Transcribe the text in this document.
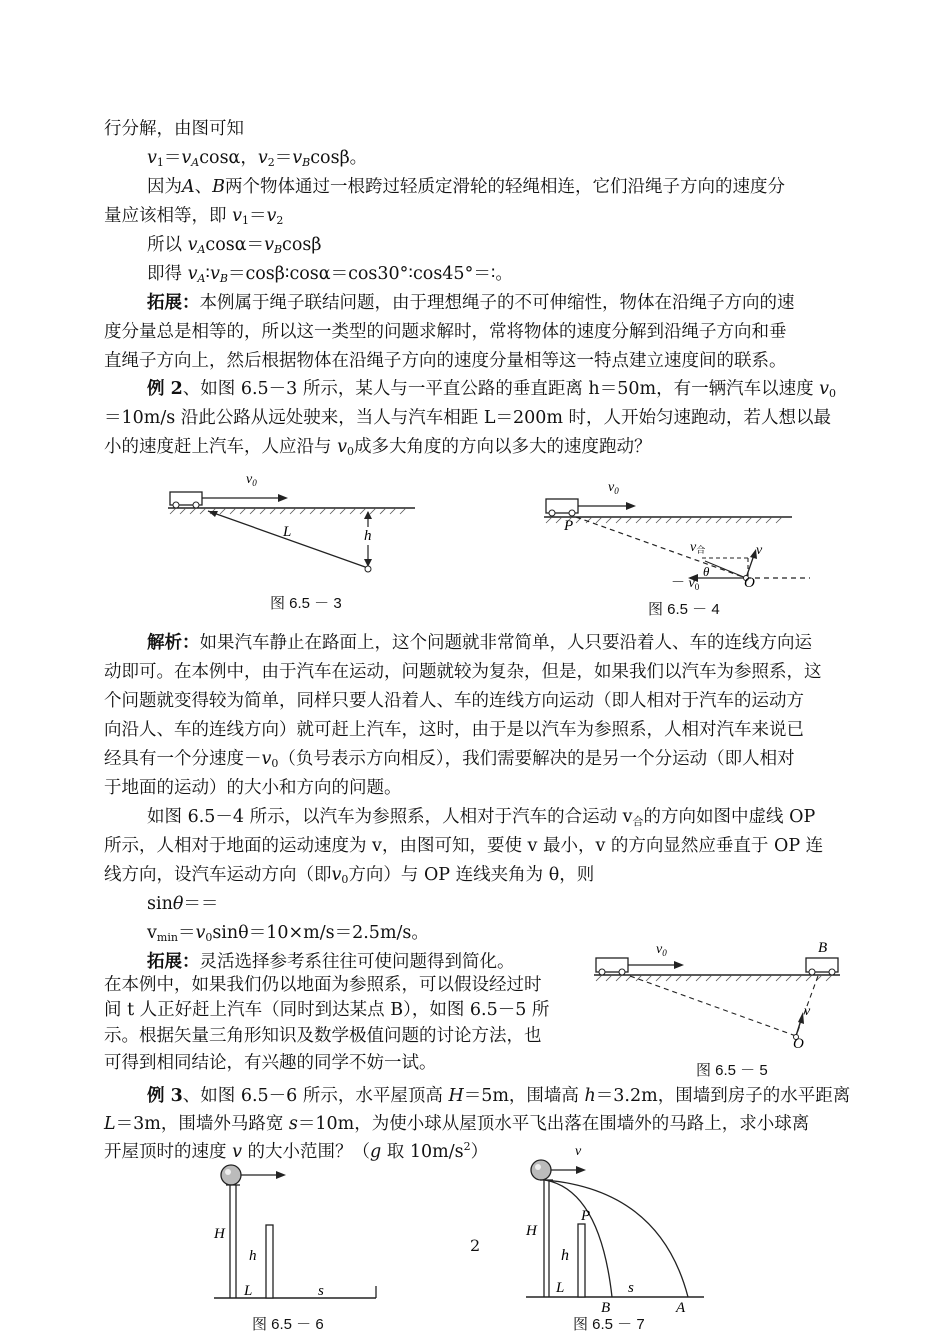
行分解，由图可知
$v_1=v_A\cos\alpha$，$v_2=v_B\cos\beta$。
因为A、B两个物体通过一根跨过轻质定滑轮的轻绳相连，它们沿绳子方向的速度分
量应该相等，即 $v_1=v_2$
所以 $v_A\cos\alpha=v_B\cos\beta$
即得 $v_A∶v_B=\cos\beta∶\cos\alpha=\cos 30^\circ∶\cos 45^\circ=∶$。
拓展：本例属于绳子联结问题，由于理想绳子的不可伸缩性，物体在沿绳子方向的速
度分量总是相等的，所以这一类型的问题求解时，常将物体的速度分解到沿绳子方向和垂
直绳子方向上，然后根据物体在沿绳子方向的速度分量相等这一特点建立速度间的联系。
例 2、如图 6.5－3 所示，某人与一平直公路的垂直距离 h＝50m，有一辆汽车以速度 $v_0$
＝10m/s 沿此公路从远处驶来，当人与汽车相距 L＝200m 时，人开始匀速跑动，若人想以最
小的速度赶上汽车，人应沿与 $v_0$成多大角度的方向以多大的速度跑动？
$v_0$
L	h
图 6.5 － 3
$v_0$
P
v合	v
θ
O
－ $v_0$
图 6.5 － 4
解析：如果汽车静止在路面上，这个问题就非常简单，人只要沿着人、车的连线方向运
动即可。在本例中，由于汽车在运动，问题就较为复杂，但是，如果我们以汽车为参照系，这
个问题就变得较为简单，同样只要人沿着人、车的连线方向运动（即人相对于汽车的运动方
向沿人、车的连线方向）就可赶上汽车，这时，由于是以汽车为参照系，人相对汽车来说已
经具有一个分速度$-v_0$（负号表示方向相反），我们需要解决的是另一个分运动（即人相对
于地面的运动）的大小和方向的问题。
如图 6.5－4 所示，以汽车为参照系，人相对于汽车的合运动 $v_合$的方向如图中虚线 OP
所示，人相对于地面的运动速度为 v，由图可知，要使 v 最小，v 的方向显然应垂直于 OP 连
线方向，设汽车运动方向（即$v_0$方向）与 OP 连线夹角为 θ，则
sinθ＝＝
$v_{min}=v_0\sin\theta=10\times m/s=2.5m/s$。
拓展：灵活选择参考系往往可使问题得到简化。
在本例中，如果我们仍以地面为参照系，可以假设经过时
间 t 人正好赶上汽车（同时到达某点 B），如图 6.5－5 所
示。根据矢量三角形知识及数学极值问题的讨论方法，也
可得到相同结论，有兴趣的同学不妨一试。
$v_0$	B
v
O
图 6.5 － 5
例 3、如图 6.5－6 所示，水平屋顶高 H＝5m，围墙高 h＝3.2m，围墙到房子的水平距离
L＝3m，围墙外马路宽 s＝10m，为使小球从屋顶水平飞出落在围墙外的马路上，求小球离
开屋顶时的速度 v 的大小范围？（g 取 $10m/s^2$）
H
h
L	s
图 6.5 － 6
2
v
P
H
h
L	s
B	A
图 6.5 － 7
